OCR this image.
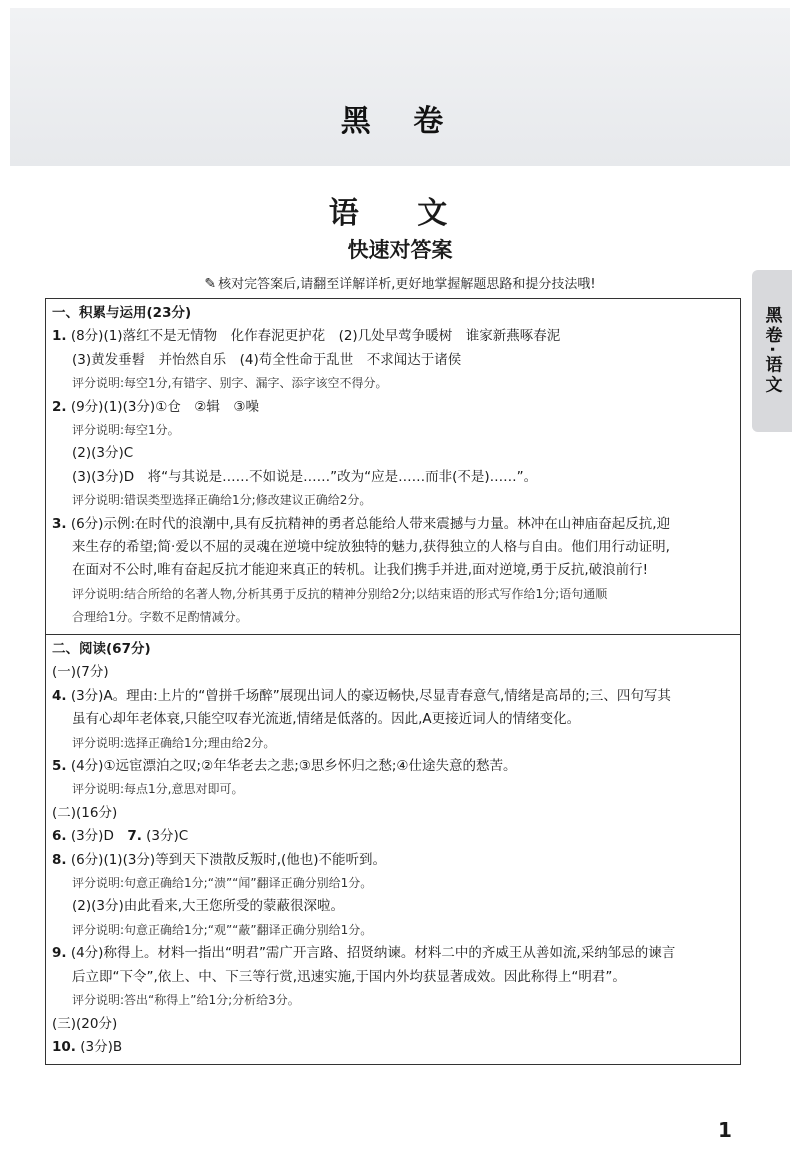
黑 卷
语 文
快速对答案
✎ 核对完答案后,请翻至详解详析,更好地掌握解题思路和提分技法哦!
黑卷·语文
一、积累与运用(23分)
1. (8分)(1)落红不是无情物　化作春泥更护花　(2)几处早莺争暖树　谁家新燕啄春泥
(3)黄发垂髫　并怡然自乐　(4)苟全性命于乱世　不求闻达于诸侯
评分说明:每空1分,有错字、别字、漏字、添字该空不得分。
2. (9分)(1)(3分)①仓　②辑　③噪
评分说明:每空1分。
(2)(3分)C
(3)(3分)D　将“与其说是……不如说是……”改为“应是……而非(不是)……”。
评分说明:错误类型选择正确给1分;修改建议正确给2分。
3. (6分)示例:在时代的浪潮中,具有反抗精神的勇者总能给人带来震撼与力量。林冲在山神庙奋起反抗,迎
来生存的希望;简·爱以不屈的灵魂在逆境中绽放独特的魅力,获得独立的人格与自由。他们用行动证明,
在面对不公时,唯有奋起反抗才能迎来真正的转机。让我们携手并进,面对逆境,勇于反抗,破浪前行!
评分说明:结合所给的名著人物,分析其勇于反抗的精神分别给2分;以结束语的形式写作给1分;语句通顺
合理给1分。字数不足酌情减分。
二、阅读(67分)
(一)(7分)
4. (3分)A。理由:上片的“曾拼千场醉”展现出词人的豪迈畅快,尽显青春意气,情绪是高昂的;三、四句写其
虽有心却年老体衰,只能空叹春光流逝,情绪是低落的。因此,A更接近词人的情绪变化。
评分说明:选择正确给1分;理由给2分。
5. (4分)①远宦漂泊之叹;②年华老去之悲;③思乡怀归之愁;④仕途失意的愁苦。
评分说明:每点1分,意思对即可。
(二)(16分)
6. (3分)D　7. (3分)C
8. (6分)(1)(3分)等到天下溃散反叛时,(他也)不能听到。
评分说明:句意正确给1分;“溃”“闻”翻译正确分别给1分。
(2)(3分)由此看来,大王您所受的蒙蔽很深啦。
评分说明:句意正确给1分;“观”“蔽”翻译正确分别给1分。
9. (4分)称得上。材料一指出“明君”需广开言路、招贤纳谏。材料二中的齐威王从善如流,采纳邹忌的谏言
后立即“下令”,依上、中、下三等行赏,迅速实施,于国内外均获显著成效。因此称得上“明君”。
评分说明:答出“称得上”给1分;分析给3分。
(三)(20分)
10. (3分)B
1
